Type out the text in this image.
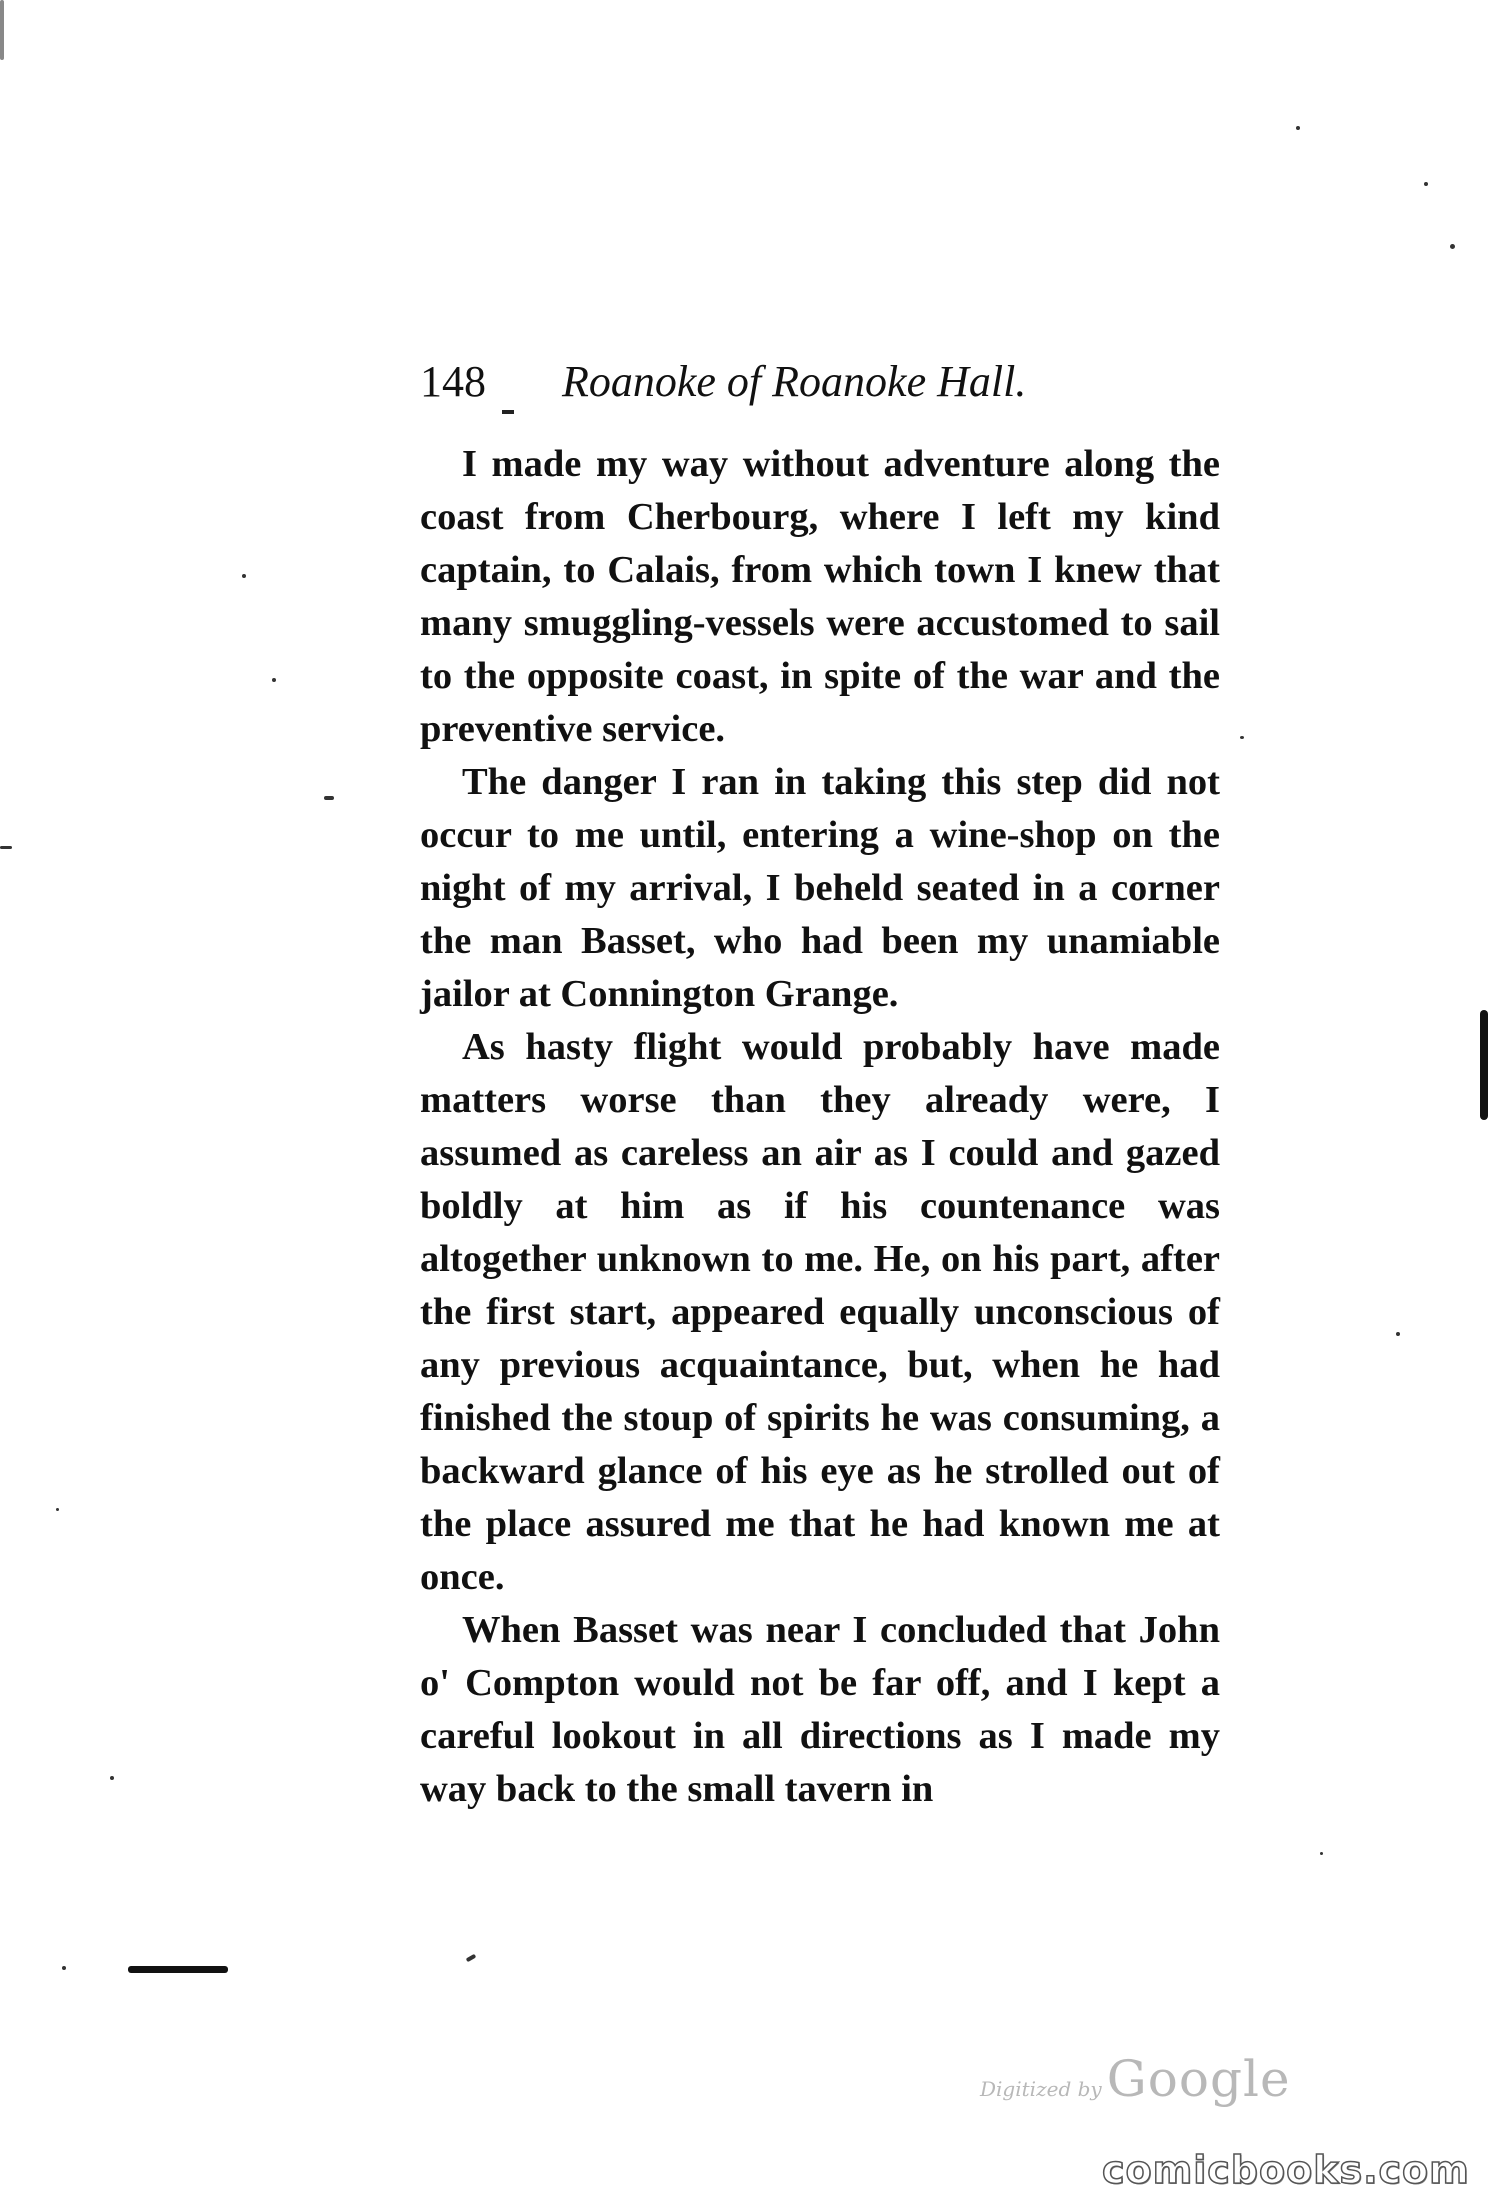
148 Roanoke of Roanoke Hall.

I made my way without adventure along the coast from Cherbourg, where I left my kind captain, to Calais, from which town I knew that many smuggling-vessels were accustomed to sail to the opposite coast, in spite of the war and the preventive service.

The danger I ran in taking this step did not occur to me until, entering a wine-shop on the night of my arrival, I beheld seated in a corner the man Basset, who had been my unamiable jailor at Connington Grange.

As hasty flight would probably have made matters worse than they already were, I assumed as careless an air as I could and gazed boldly at him as if his countenance was altogether unknown to me. He, on his part, after the first start, appeared equally unconscious of any previous acquaintance, but, when he had finished the stoup of spirits he was consuming, a backward glance of his eye as he strolled out of the place assured me that he had known me at once.

When Basset was near I concluded that John o' Compton would not be far off, and I kept a careful lookout in all directions as I made my way back to the small tavern in

Digitized by Google
comicbooks.com
